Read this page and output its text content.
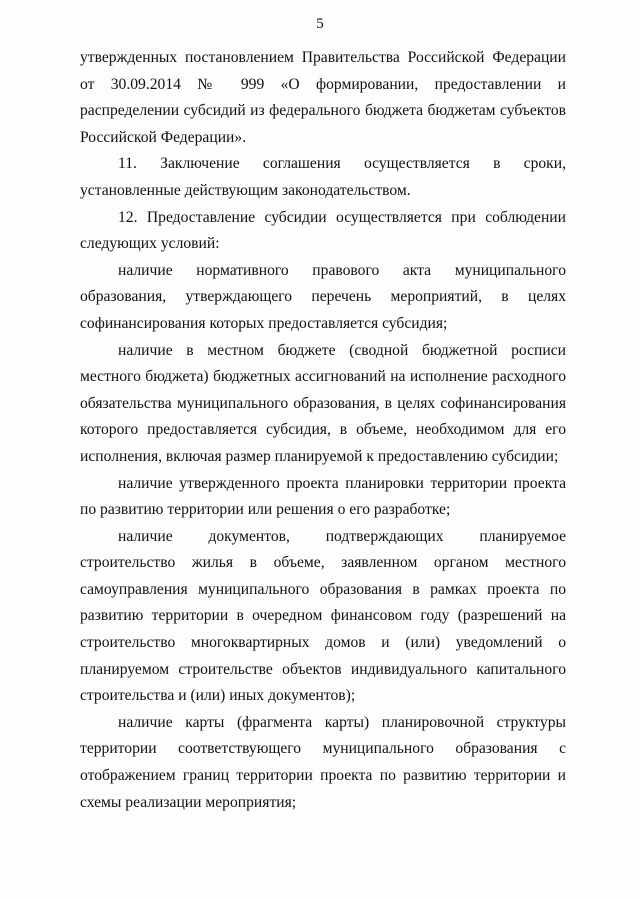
5

утвержденных постановлением Правительства Российской Федерации от 30.09.2014 № 999 «О формировании, предоставлении и распределении субсидий из федерального бюджета бюджетам субъектов Российской Федерации».

11. Заключение соглашения осуществляется в сроки, установленные действующим законодательством.

12. Предоставление субсидии осуществляется при соблюдении следующих условий:

наличие нормативного правового акта муниципального образования, утверждающего перечень мероприятий, в целях софинансирования которых предоставляется субсидия;

наличие в местном бюджете (сводной бюджетной росписи местного бюджета) бюджетных ассигнований на исполнение расходного обязательства муниципального образования, в целях софинансирования которого предоставляется субсидия, в объеме, необходимом для его исполнения, включая размер планируемой к предоставлению субсидии;

наличие утвержденного проекта планировки территории проекта по развитию территории или решения о его разработке;

наличие документов, подтверждающих планируемое строительство жилья в объеме, заявленном органом местного самоуправления муниципального образования в рамках проекта по развитию территории в очередном финансовом году (разрешений на строительство многоквартирных домов и (или) уведомлений о планируемом строительстве объектов индивидуального капитального строительства и (или) иных документов);

наличие карты (фрагмента карты) планировочной структуры территории соответствующего муниципального образования с отображением границ территории проекта по развитию территории и схемы реализации мероприятия;
